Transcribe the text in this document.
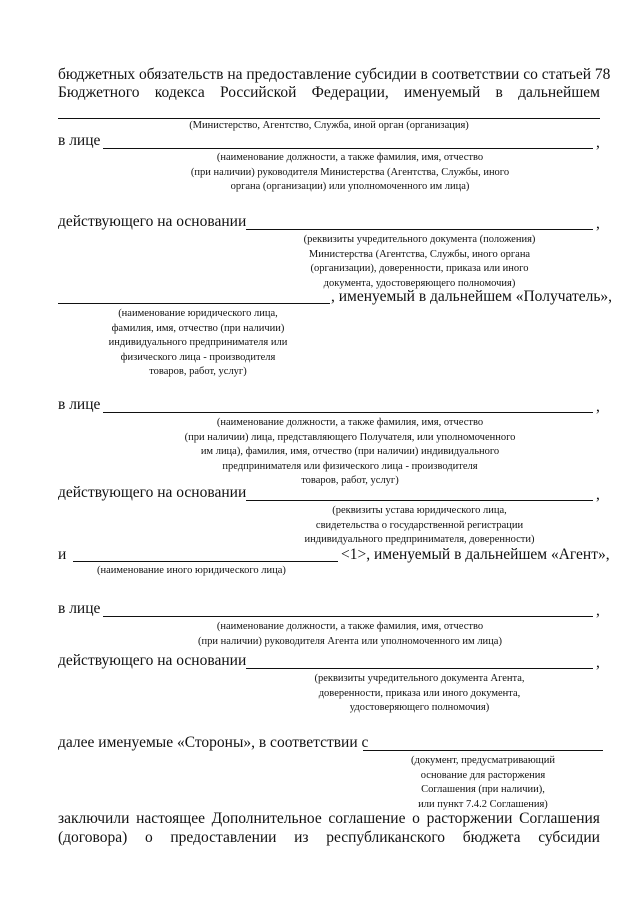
бюджетных обязательств на предоставление субсидии в соответствии со статьей 78
Бюджетного кодекса Российской Федерации, именуемый в дальнейшем
(Министерство, Агентство, Служба, иной орган (организация)
в лице	,
(наименование должности, а также фамилия, имя, отчество
(при наличии) руководителя Министерства (Агентства, Службы, иного
органа (организации) или уполномоченного им лица)
действующего на основании	,
(реквизиты учредительного документа (положения)
Министерства (Агентства, Службы, иного органа
(организации), доверенности, приказа или иного
документа, удостоверяющего полномочия)
, именуемый в дальнейшем «Получатель»,
(наименование юридического лица,
фамилия, имя, отчество (при наличии)
индивидуального предпринимателя или
физического лица - производителя
товаров, работ, услуг)
в лице	,
(наименование должности, а также фамилия, имя, отчество
(при наличии) лица, представляющего Получателя, или уполномоченного
им лица), фамилия, имя, отчество (при наличии) индивидуального
предпринимателя или физического лица - производителя
товаров, работ, услуг)
действующего на основании	,
(реквизиты устава юридического лица,
свидетельства о государственной регистрации
индивидуального предпринимателя, доверенности)
и	<1>, именуемый в дальнейшем «Агент»,
(наименование иного юридического лица)
в лице	,
(наименование должности, а также фамилия, имя, отчество
(при наличии) руководителя Агента или уполномоченного им лица)
действующего на основании	,
(реквизиты учредительного документа Агента,
доверенности, приказа или иного документа,
удостоверяющего полномочия)
далее именуемые «Стороны», в соответствии с
(документ, предусматривающий
основание для расторжения
Соглашения (при наличии),
или пункт 7.4.2 Соглашения)
заключили настоящее Дополнительное соглашение о расторжении Соглашения
(договора) о предоставлении из республиканского бюджета субсидии
